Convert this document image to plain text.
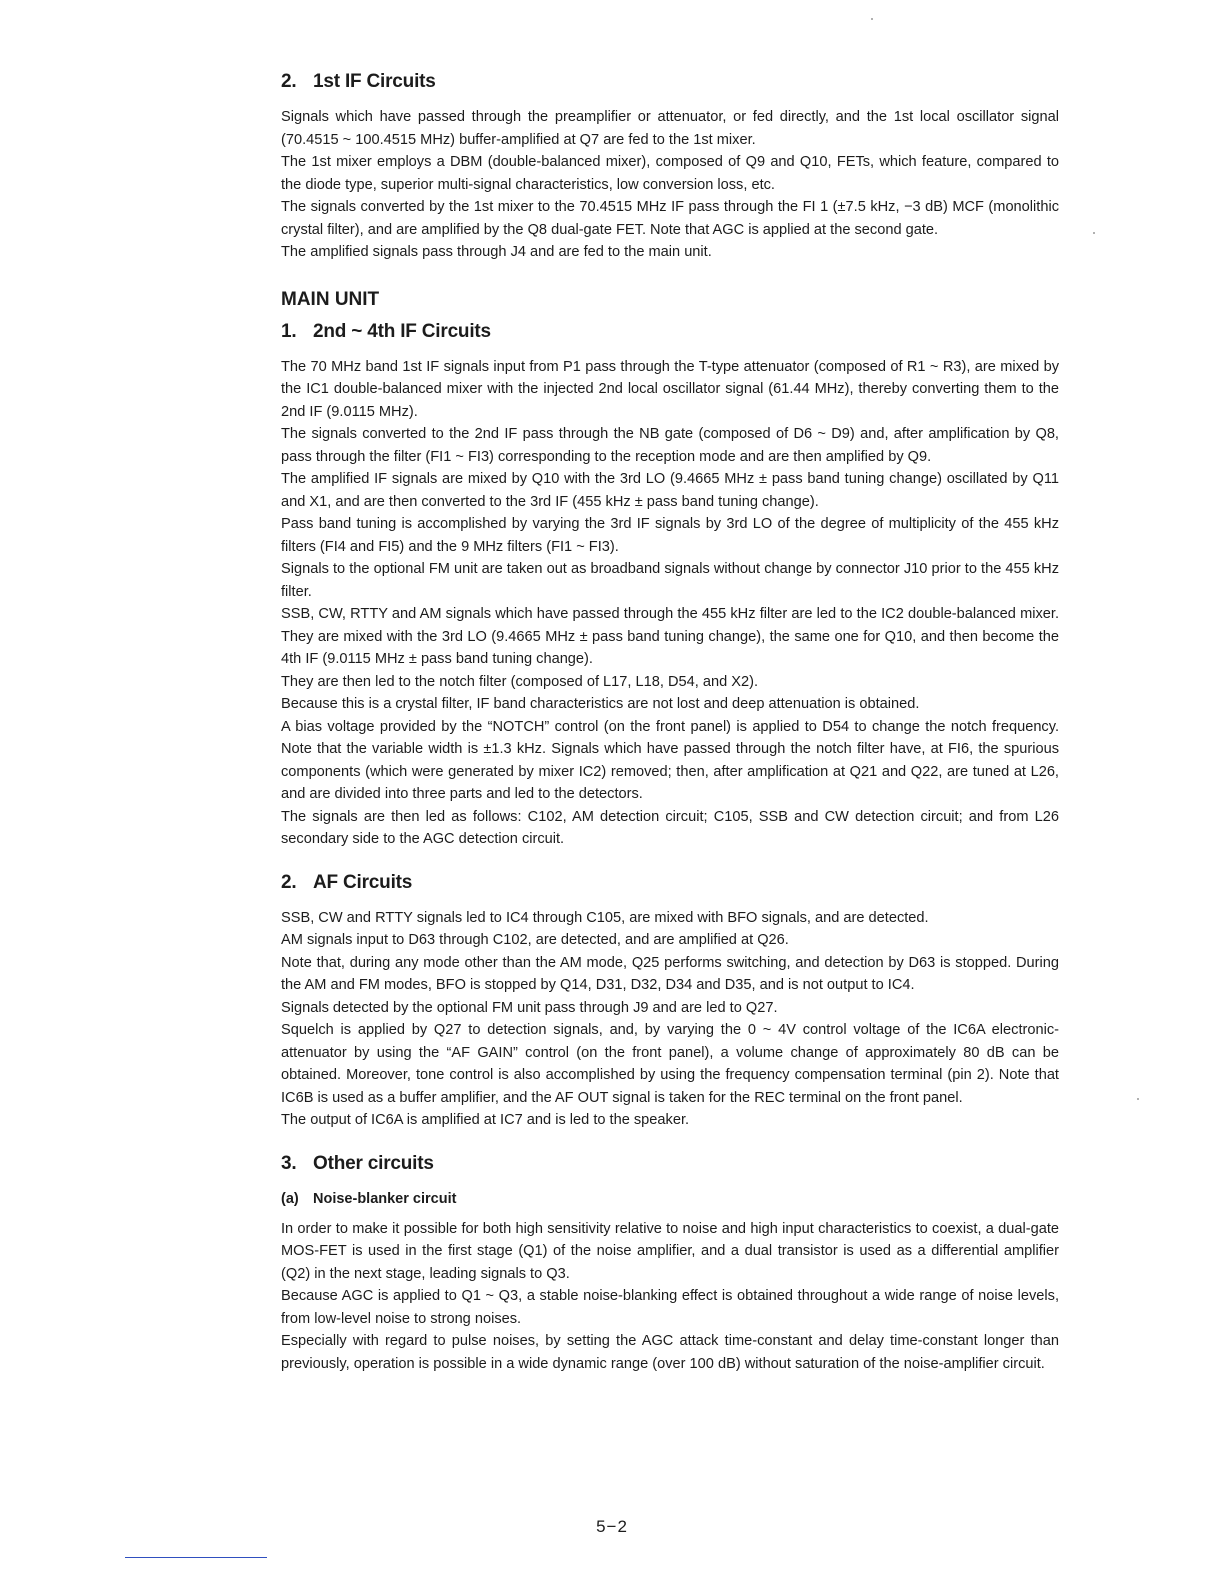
2. 1st IF Circuits

Signals which have passed through the preamplifier or attenuator, or fed directly, and the 1st local oscillator signal (70.4515 ~ 100.4515 MHz) buffer-amplified at Q7 are fed to the 1st mixer.

The 1st mixer employs a DBM (double-balanced mixer), composed of Q9 and Q10, FETs, which feature, compared to the diode type, superior multi-signal characteristics, low conversion loss, etc.

The signals converted by the 1st mixer to the 70.4515 MHz IF pass through the FI 1 (±7.5 kHz, −3 dB) MCF (monolithic crystal filter), and are amplified by the Q8 dual-gate FET. Note that AGC is applied at the second gate.

The amplified signals pass through J4 and are fed to the main unit.

MAIN UNIT
1. 2nd ~ 4th IF Circuits

The 70 MHz band 1st IF signals input from P1 pass through the T-type attenuator (composed of R1 ~ R3), are mixed by the IC1 double-balanced mixer with the injected 2nd local oscillator signal (61.44 MHz), thereby converting them to the 2nd IF (9.0115 MHz).

The signals converted to the 2nd IF pass through the NB gate (composed of D6 ~ D9) and, after amplification by Q8, pass through the filter (FI1 ~ FI3) corresponding to the reception mode and are then amplified by Q9.

The amplified IF signals are mixed by Q10 with the 3rd LO (9.4665 MHz ± pass band tuning change) oscillated by Q11 and X1, and are then converted to the 3rd IF (455 kHz ± pass band tuning change).

Pass band tuning is accomplished by varying the 3rd IF signals by 3rd LO of the degree of multiplicity of the 455 kHz filters (FI4 and FI5) and the 9 MHz filters (FI1 ~ FI3).

Signals to the optional FM unit are taken out as broadband signals without change by connector J10 prior to the 455 kHz filter.

SSB, CW, RTTY and AM signals which have passed through the 455 kHz filter are led to the IC2 double-balanced mixer. They are mixed with the 3rd LO (9.4665 MHz ± pass band tuning change), the same one for Q10, and then become the 4th IF (9.0115 MHz ± pass band tuning change).

They are then led to the notch filter (composed of L17, L18, D54, and X2).

Because this is a crystal filter, IF band characteristics are not lost and deep attenuation is obtained.

A bias voltage provided by the “NOTCH” control (on the front panel) is applied to D54 to change the notch frequency. Note that the variable width is ±1.3 kHz. Signals which have passed through the notch filter have, at FI6, the spurious components (which were generated by mixer IC2) removed; then, after amplification at Q21 and Q22, are tuned at L26, and are divided into three parts and led to the detectors.

The signals are then led as follows: C102, AM detection circuit; C105, SSB and CW detection circuit; and from L26 secondary side to the AGC detection circuit.

2. AF Circuits

SSB, CW and RTTY signals led to IC4 through C105, are mixed with BFO signals, and are detected.

AM signals input to D63 through C102, are detected, and are amplified at Q26.

Note that, during any mode other than the AM mode, Q25 performs switching, and detection by D63 is stopped. During the AM and FM modes, BFO is stopped by Q14, D31, D32, D34 and D35, and is not output to IC4.

Signals detected by the optional FM unit pass through J9 and are led to Q27.

Squelch is applied by Q27 to detection signals, and, by varying the 0 ~ 4V control voltage of the IC6A electronic-attenuator by using the “AF GAIN” control (on the front panel), a volume change of approximately 80 dB can be obtained. Moreover, tone control is also accomplished by using the frequency compensation terminal (pin 2). Note that IC6B is used as a buffer amplifier, and the AF OUT signal is taken for the REC terminal on the front panel.

The output of IC6A is amplified at IC7 and is led to the speaker.

3. Other circuits
(a) Noise-blanker circuit

In order to make it possible for both high sensitivity relative to noise and high input characteristics to coexist, a dual-gate MOS-FET is used in the first stage (Q1) of the noise amplifier, and a dual transistor is used as a differential amplifier (Q2) in the next stage, leading signals to Q3.

Because AGC is applied to Q1 ~ Q3, a stable noise-blanking effect is obtained throughout a wide range of noise levels, from low-level noise to strong noises.

Especially with regard to pulse noises, by setting the AGC attack time-constant and delay time-constant longer than previously, operation is possible in a wide dynamic range (over 100 dB) without saturation of the noise-amplifier circuit.

5−2
